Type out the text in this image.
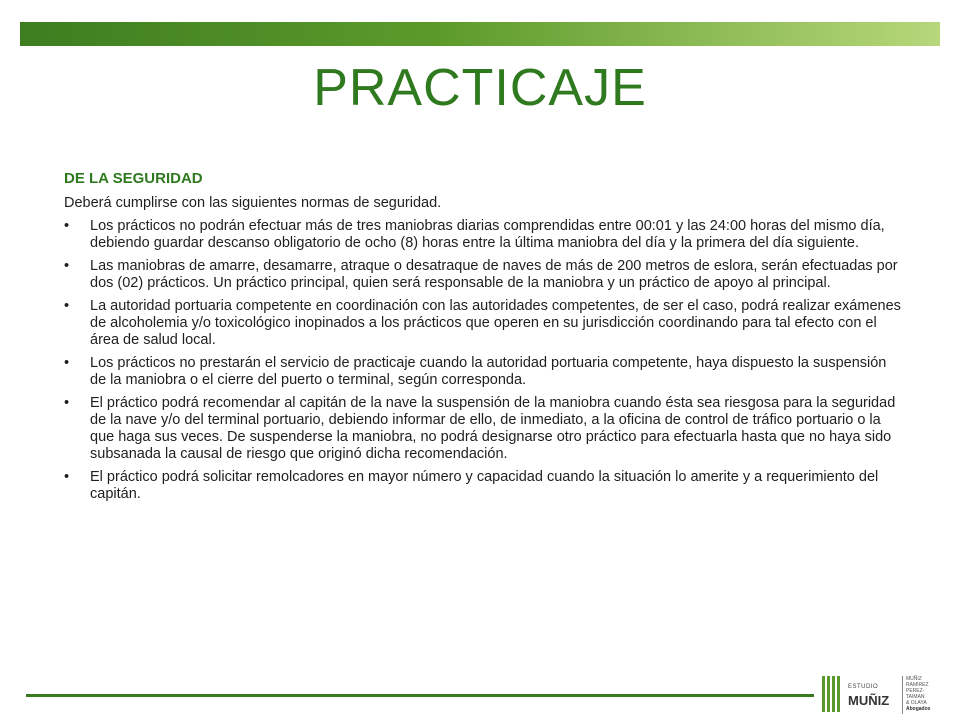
PRACTICAJE
DE LA SEGURIDAD
Deberá cumplirse con las siguientes normas de seguridad.
• Los prácticos no podrán efectuar más de tres maniobras diarias comprendidas entre 00:01 y las 24:00 horas del mismo día, debiendo guardar descanso obligatorio de ocho (8) horas entre la última maniobra del día y la primera del día siguiente.
• Las maniobras de amarre, desamarre, atraque o desatraque de naves de más de 200 metros de eslora, serán efectuadas por dos (02) prácticos. Un práctico principal, quien será responsable de la maniobra y un práctico de apoyo al principal.
• La autoridad portuaria competente en coordinación con las autoridades competentes, de ser el caso, podrá realizar exámenes de alcoholemia y/o toxicológico inopinados a los prácticos que operen en su jurisdicción coordinando para tal efecto con el área de salud local.
• Los prácticos no prestarán el servicio de practicaje cuando la autoridad portuaria competente, haya dispuesto la suspensión de la maniobra o el cierre del puerto o terminal, según corresponda.
• El práctico podrá recomendar al capitán de la nave la suspensión de la maniobra cuando ésta sea riesgosa para la seguridad de la nave y/o del terminal portuario, debiendo informar de ello, de inmediato, a la oficina de control de tráfico portuario o la que haga sus veces. De suspenderse la maniobra, no podrá designarse otro práctico para efectuarla hasta que no haya sido subsanada la causal de riesgo que originó dicha recomendación.
• El práctico podrá solicitar remolcadores en mayor número y capacidad cuando la situación lo amerite y a requerimiento del capitán.
ESTUDIO
MUÑIZ
MUÑIZ
RAMIREZ
PEREZ-TAIMAN
& OLAYA
Abogados
